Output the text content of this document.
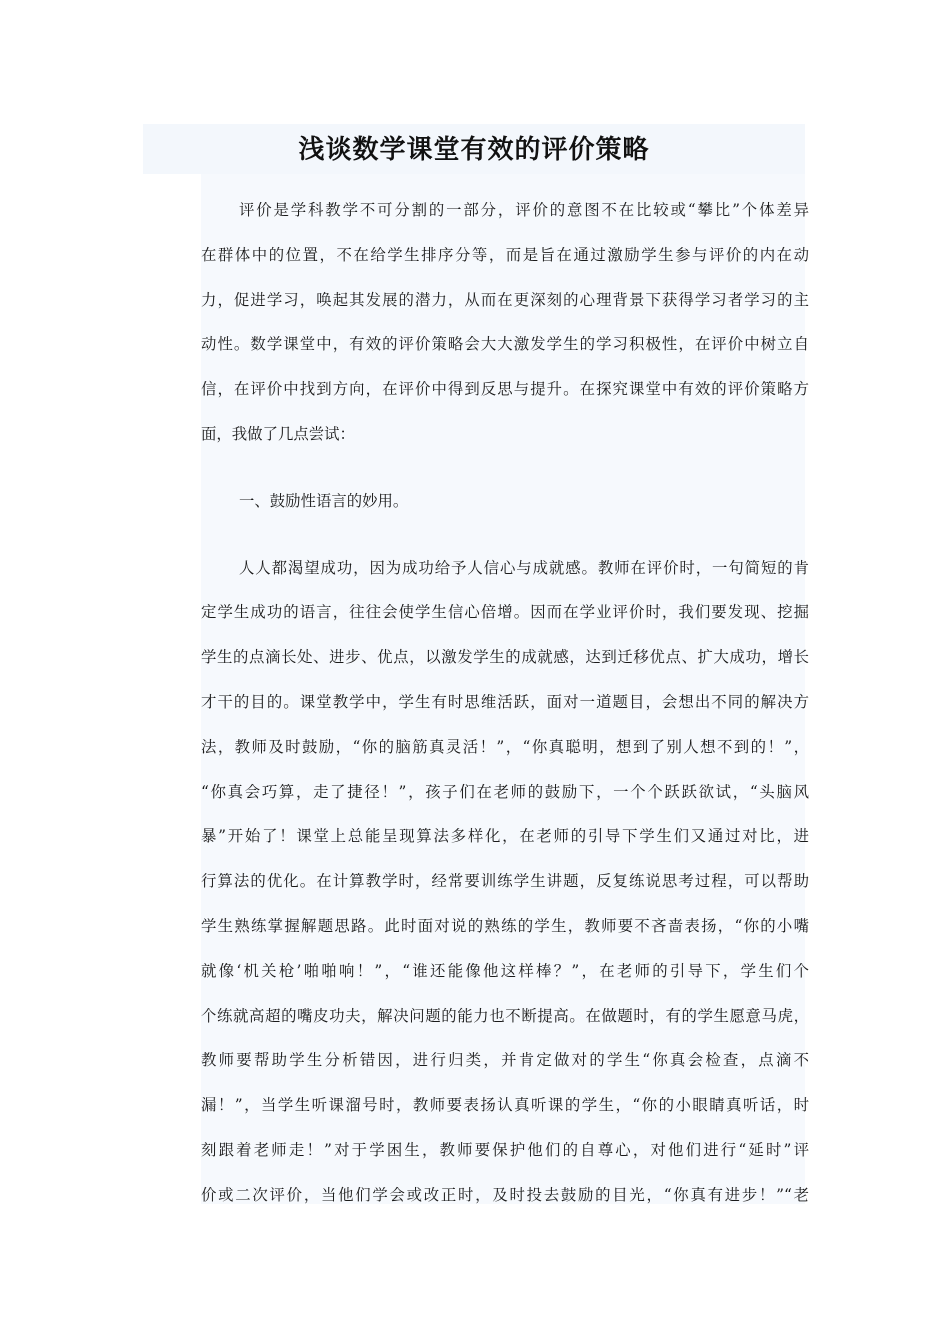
浅谈数学课堂有效的评价策略
评价是学科教学不可分割的一部分，评价的意图不在比较或“攀比”个体差异
在群体中的位置，不在给学生排序分等，而是旨在通过激励学生参与评价的内在动
力，促进学习，唤起其发展的潜力，从而在更深刻的心理背景下获得学习者学习的主
动性。数学课堂中，有效的评价策略会大大激发学生的学习积极性，在评价中树立自
信，在评价中找到方向，在评价中得到反思与提升。在探究课堂中有效的评价策略方
面，我做了几点尝试：
一、鼓励性语言的妙用。
人人都渴望成功，因为成功给予人信心与成就感。教师在评价时，一句简短的肯
定学生成功的语言，往往会使学生信心倍增。因而在学业评价时，我们要发现、挖掘
学生的点滴长处、进步、优点，以激发学生的成就感，达到迁移优点、扩大成功，增长
才干的目的。课堂教学中，学生有时思维活跃，面对一道题目，会想出不同的解决方
法，教师及时鼓励，“你的脑筋真灵活！”，“你真聪明，想到了别人想不到的！”，
“你真会巧算，走了捷径！”，孩子们在老师的鼓励下，一个个跃跃欲试，“头脑风
暴”开始了！课堂上总能呈现算法多样化，在老师的引导下学生们又通过对比，进
行算法的优化。在计算教学时，经常要训练学生讲题，反复练说思考过程，可以帮助
学生熟练掌握解题思路。此时面对说的熟练的学生，教师要不吝啬表扬，“你的小嘴
就像‘机关枪’啪啪响！”，“谁还能像他这样棒？”，在老师的引导下，学生们个
个练就高超的嘴皮功夫，解决问题的能力也不断提高。在做题时，有的学生愿意马虎，
教师要帮助学生分析错因，进行归类，并肯定做对的学生“你真会检查，点滴不
漏！”，当学生听课溜号时，教师要表扬认真听课的学生，“你的小眼睛真听话，时
刻跟着老师走！”对于学困生，教师要保护他们的自尊心，对他们进行“延时”评
价或二次评价，当他们学会或改正时，及时投去鼓励的目光，“你真有进步！”“老
